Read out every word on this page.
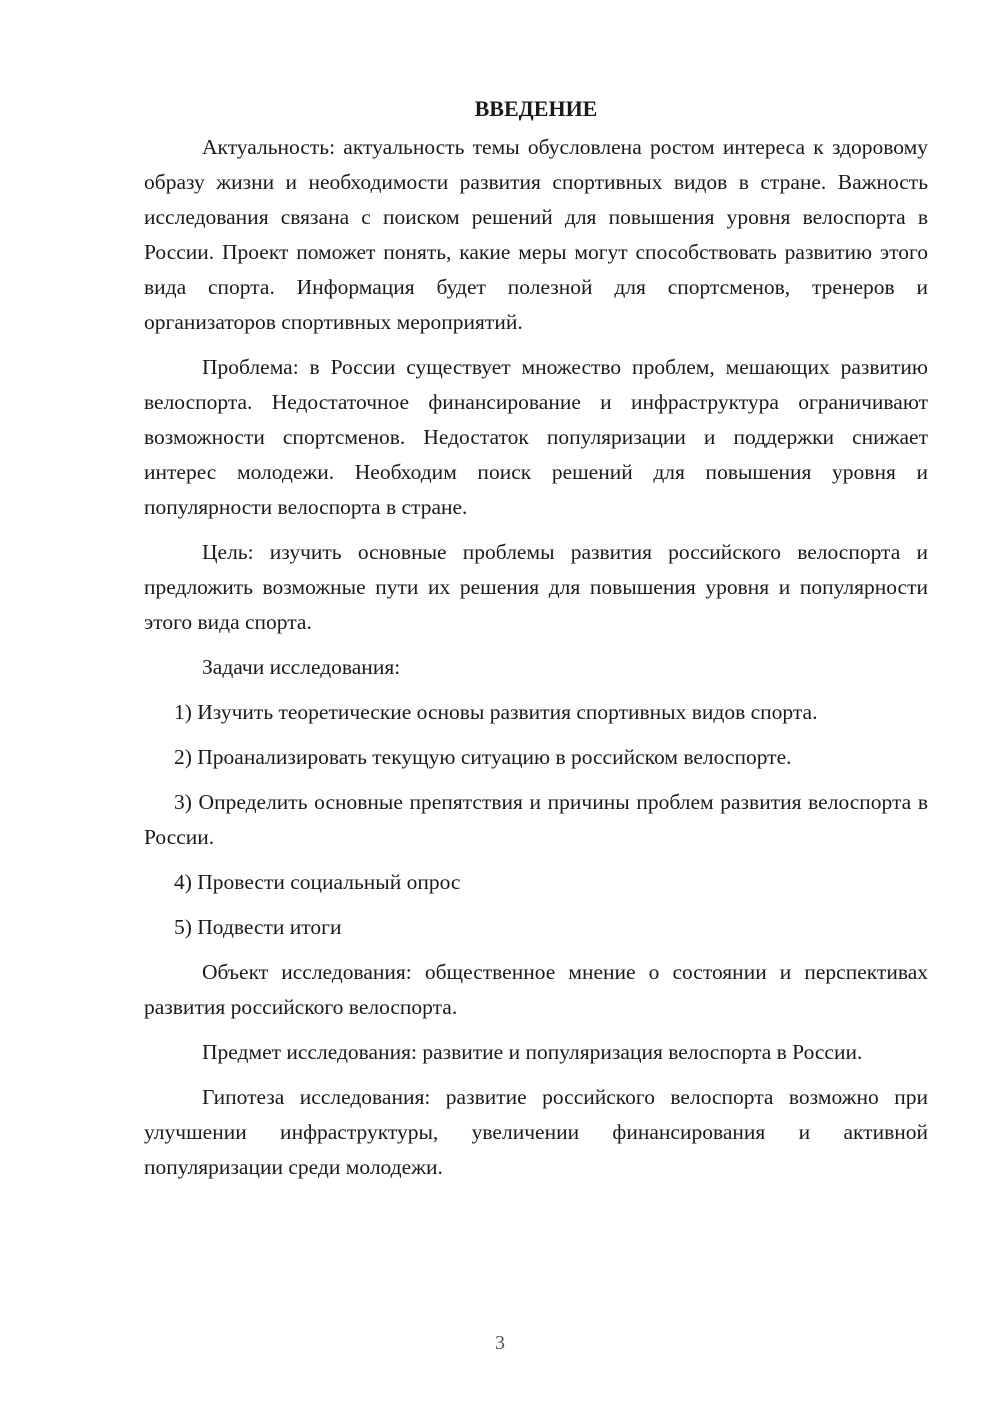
ВВЕДЕНИЕ

Актуальность: актуальность темы обусловлена ростом интереса к здоровому образу жизни и необходимости развития спортивных видов в стране. Важность исследования связана с поиском решений для повышения уровня велоспорта в России. Проект поможет понять, какие меры могут способствовать развитию этого вида спорта. Информация будет полезной для спортсменов, тренеров и организаторов спортивных мероприятий.

Проблема: в России существует множество проблем, мешающих развитию велоспорта. Недостаточное финансирование и инфраструктура ограничивают возможности спортсменов. Недостаток популяризации и поддержки снижает интерес молодежи. Необходим поиск решений для повышения уровня и популярности велоспорта в стране.

Цель: изучить основные проблемы развития российского велоспорта и предложить возможные пути их решения для повышения уровня и популярности этого вида спорта.

Задачи исследования:

1) Изучить теоретические основы развития спортивных видов спорта.

2) Проанализировать текущую ситуацию в российском велоспорте.

3) Определить основные препятствия и причины проблем развития велоспорта в России.

4) Провести социальный опрос

5) Подвести итоги

Объект исследования: общественное мнение о состоянии и перспективах развития российского велоспорта.

Предмет исследования: развитие и популяризация велоспорта в России.

Гипотеза исследования: развитие российского велоспорта возможно при улучшении инфраструктуры, увеличении финансирования и активной популяризации среди молодежи.

3
